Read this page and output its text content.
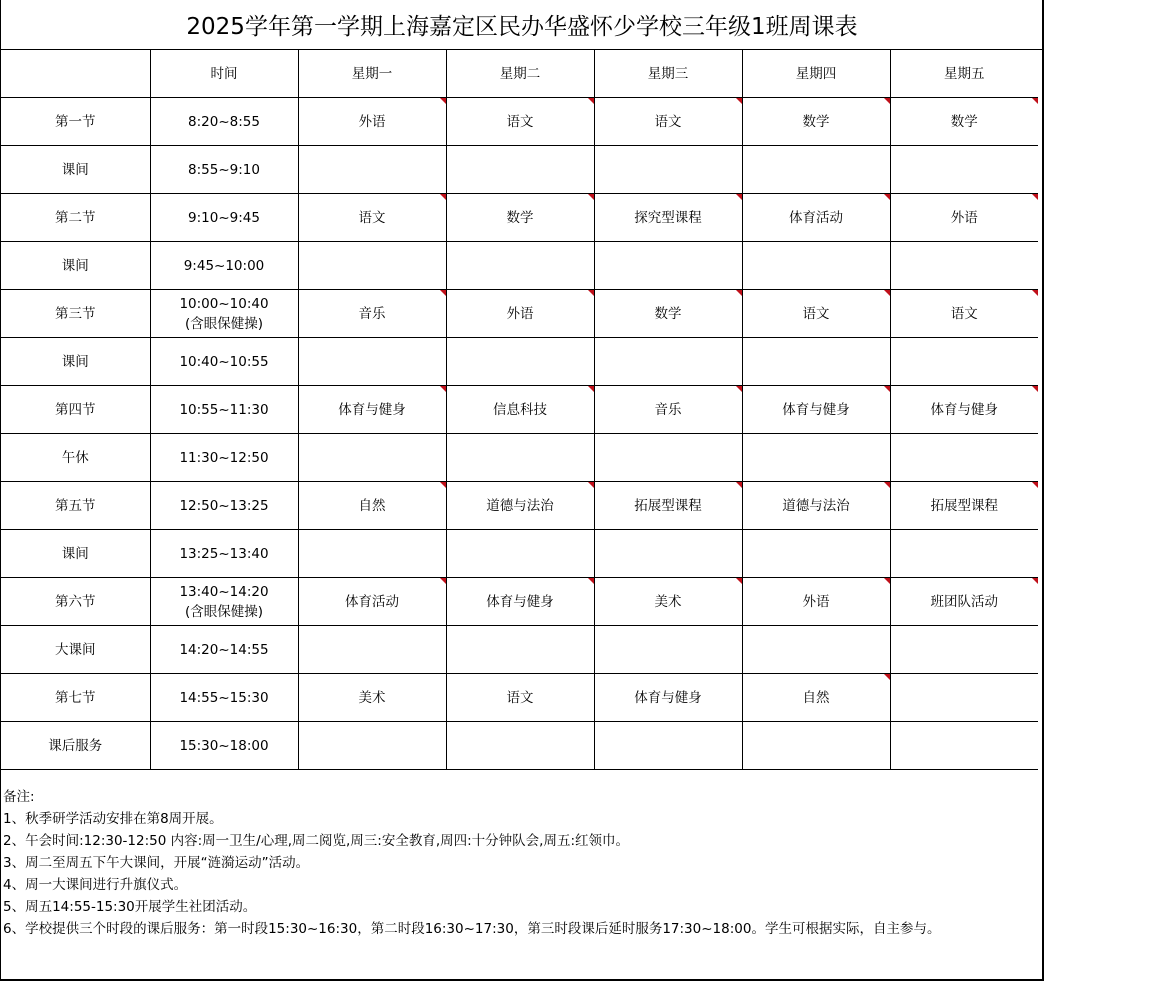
2025学年第一学期上海嘉定区民办华盛怀少学校三年级1班周课表
	时间	星期一	星期二	星期三	星期四	星期五
第一节	8:20~8:55	外语	语文	语文	数学	数学

课间	8:55~9:10					

第二节	9:10~9:45	语文	数学	探究型课程	体育活动	外语

课间	9:45~10:00					

第三节	10:00~10:40
(含眼保健操)	音乐	外语	数学	语文	语文

课间	10:40~10:55					

第四节	10:55~11:30	体育与健身	信息科技	音乐	体育与健身	体育与健身

午休	11:30~12:50					

第五节	12:50~13:25	自然	道德与法治	拓展型课程	道德与法治	拓展型课程

课间	13:25~13:40					

第六节	13:40~14:20
(含眼保健操)	体育活动	体育与健身	美术	外语	班团队活动

大课间	14:20~14:55					

第七节	14:55~15:30	美术	语文	体育与健身	自然

课后服务	15:30~18:00					

备注:
1、秋季研学活动安排在第8周开展。
2、午会时间:12:30-12:50 内容:周一卫生/心理,周二阅览,周三:安全教育,周四:十分钟队会,周五:红领巾。
3、周二至周五下午大课间，开展“涟漪运动”活动。
4、周一大课间进行升旗仪式。
5、周五14:55-15:30开展学生社团活动。
6、学校提供三个时段的课后服务：第一时段15:30~16:30，第二时段16:30~17:30，第三时段课后延时服务17:30~18:00。学生可根据实际，自主参与。
